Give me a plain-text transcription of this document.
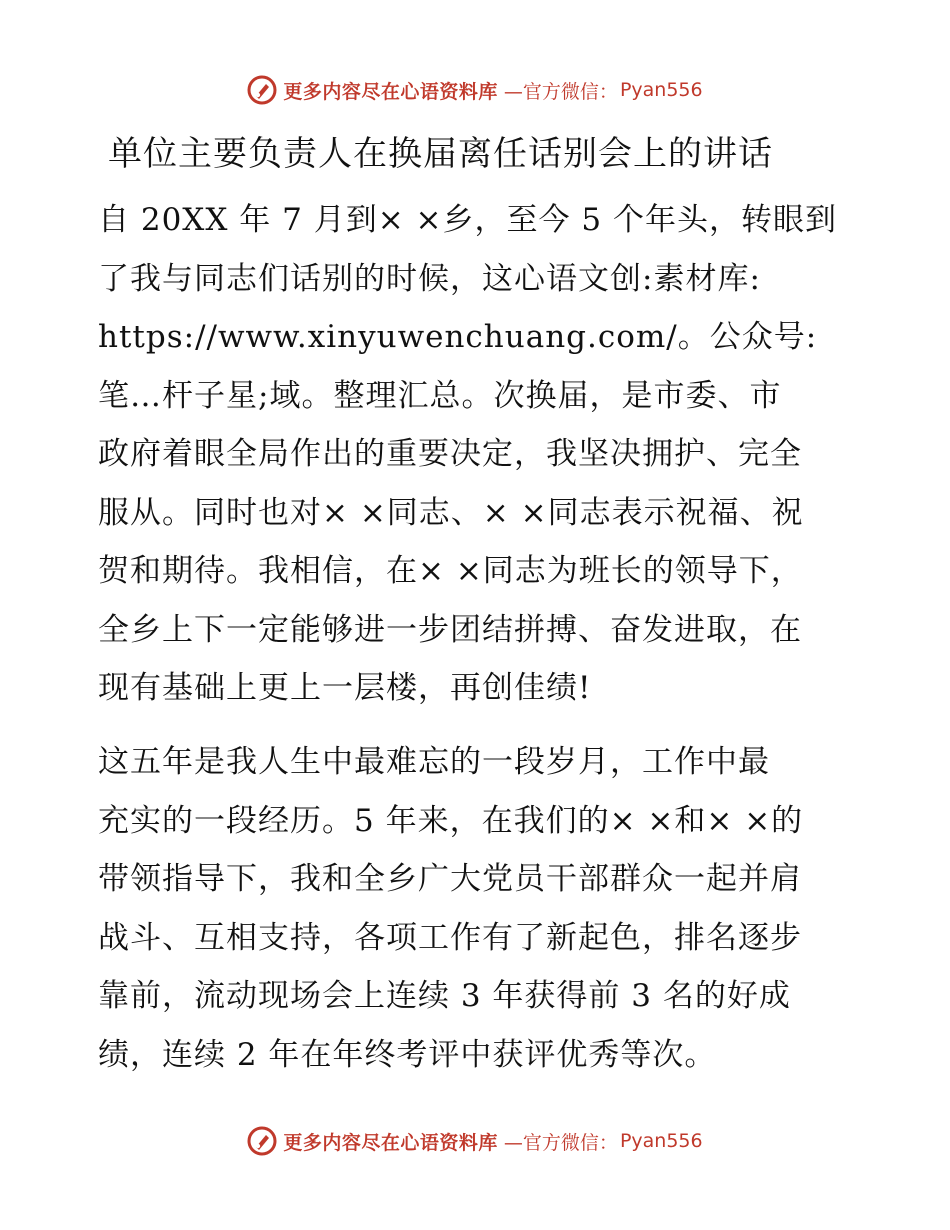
更多内容尽在心语资料库 —官方微信： Pyan556
单位主要负责人在换届离任话别会上的讲话
自 20XX 年 7 月到× ×乡，至今 5 个年头，转眼到
了我与同志们话别的时候，这心语文创:素材库:
https://www.xinyuwenchuang.com/。公众号:
笔…杆子星;域。整理汇总。次换届，是市委、市
政府着眼全局作出的重要决定，我坚决拥护、完全
服从。同时也对× ×同志、× ×同志表示祝福、祝
贺和期待。我相信，在× ×同志为班长的领导下，
全乡上下一定能够进一步团结拼搏、奋发进取，在
现有基础上更上一层楼，再创佳绩!
这五年是我人生中最难忘的一段岁月，工作中最
充实的一段经历。5 年来，在我们的× ×和× ×的
带领指导下，我和全乡广大党员干部群众一起并肩
战斗、互相支持，各项工作有了新起色，排名逐步
靠前，流动现场会上连续 3 年获得前 3 名的好成
绩，连续 2 年在年终考评中获评优秀等次。
更多内容尽在心语资料库 —官方微信： Pyan556
